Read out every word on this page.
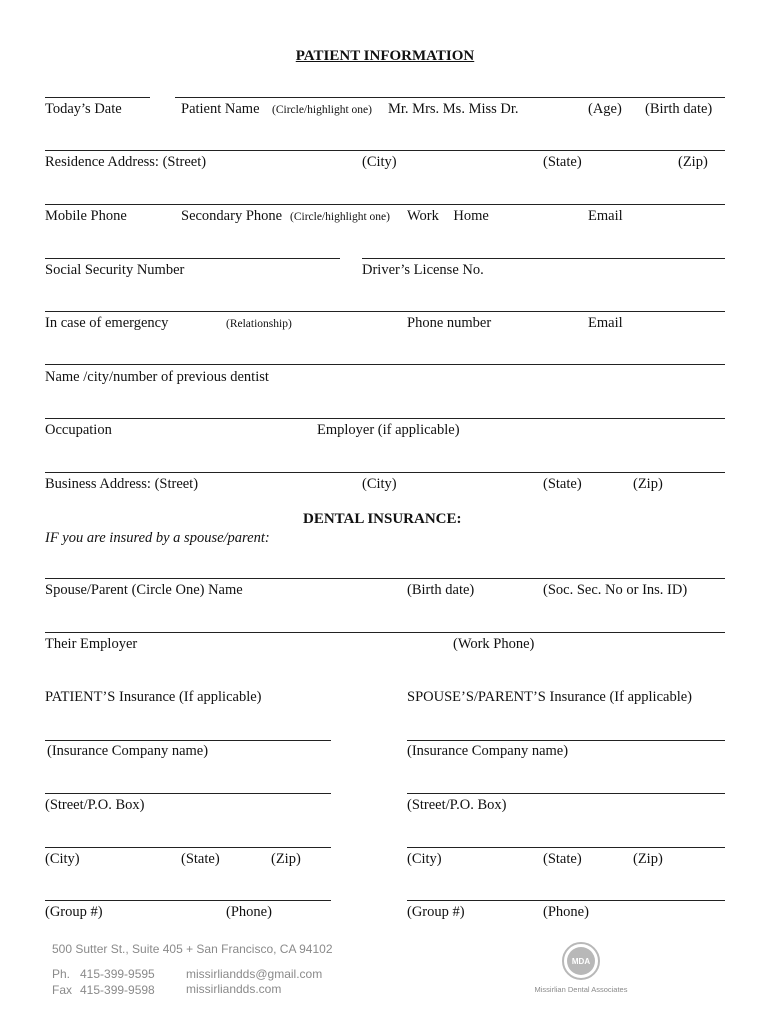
PATIENT INFORMATION
Today’s Date	Patient Name (Circle/highlight one) Mr. Mrs. Ms. Miss Dr.	(Age) (Birth date)
Residence Address: (Street)	(City)	(State)	(Zip)
Mobile Phone	Secondary Phone (Circle/highlight one) Work    Home	Email
Social Security Number	Driver’s License No.
In case of emergency	(Relationship)	Phone number	Email
Name /city/number of previous dentist
Occupation	Employer (if applicable)
Business Address: (Street)	(City)	(State)	(Zip)
DENTAL INSURANCE:
IF you are insured by a spouse/parent:
Spouse/Parent (Circle One) Name	(Birth date)	(Soc. Sec. No or Ins. ID)
Their Employer	(Work Phone)
PATIENT’S Insurance (If applicable)	SPOUSE’S/PARENT’S Insurance (If applicable)
(Insurance Company name)	(Insurance Company name)
(Street/P.O. Box)	(Street/P.O. Box)
(City)	(State)	(Zip)	(City)	(State)	(Zip)
(Group #)	(Phone)	(Group #)	(Phone)
500 Sutter St., Suite 405 + San Francisco, CA 94102
Ph. 415-399-9595
Fax 415-399-9598
missirliandds@gmail.com
missirliandds.com
MDA
Missirlian Dental Associates
